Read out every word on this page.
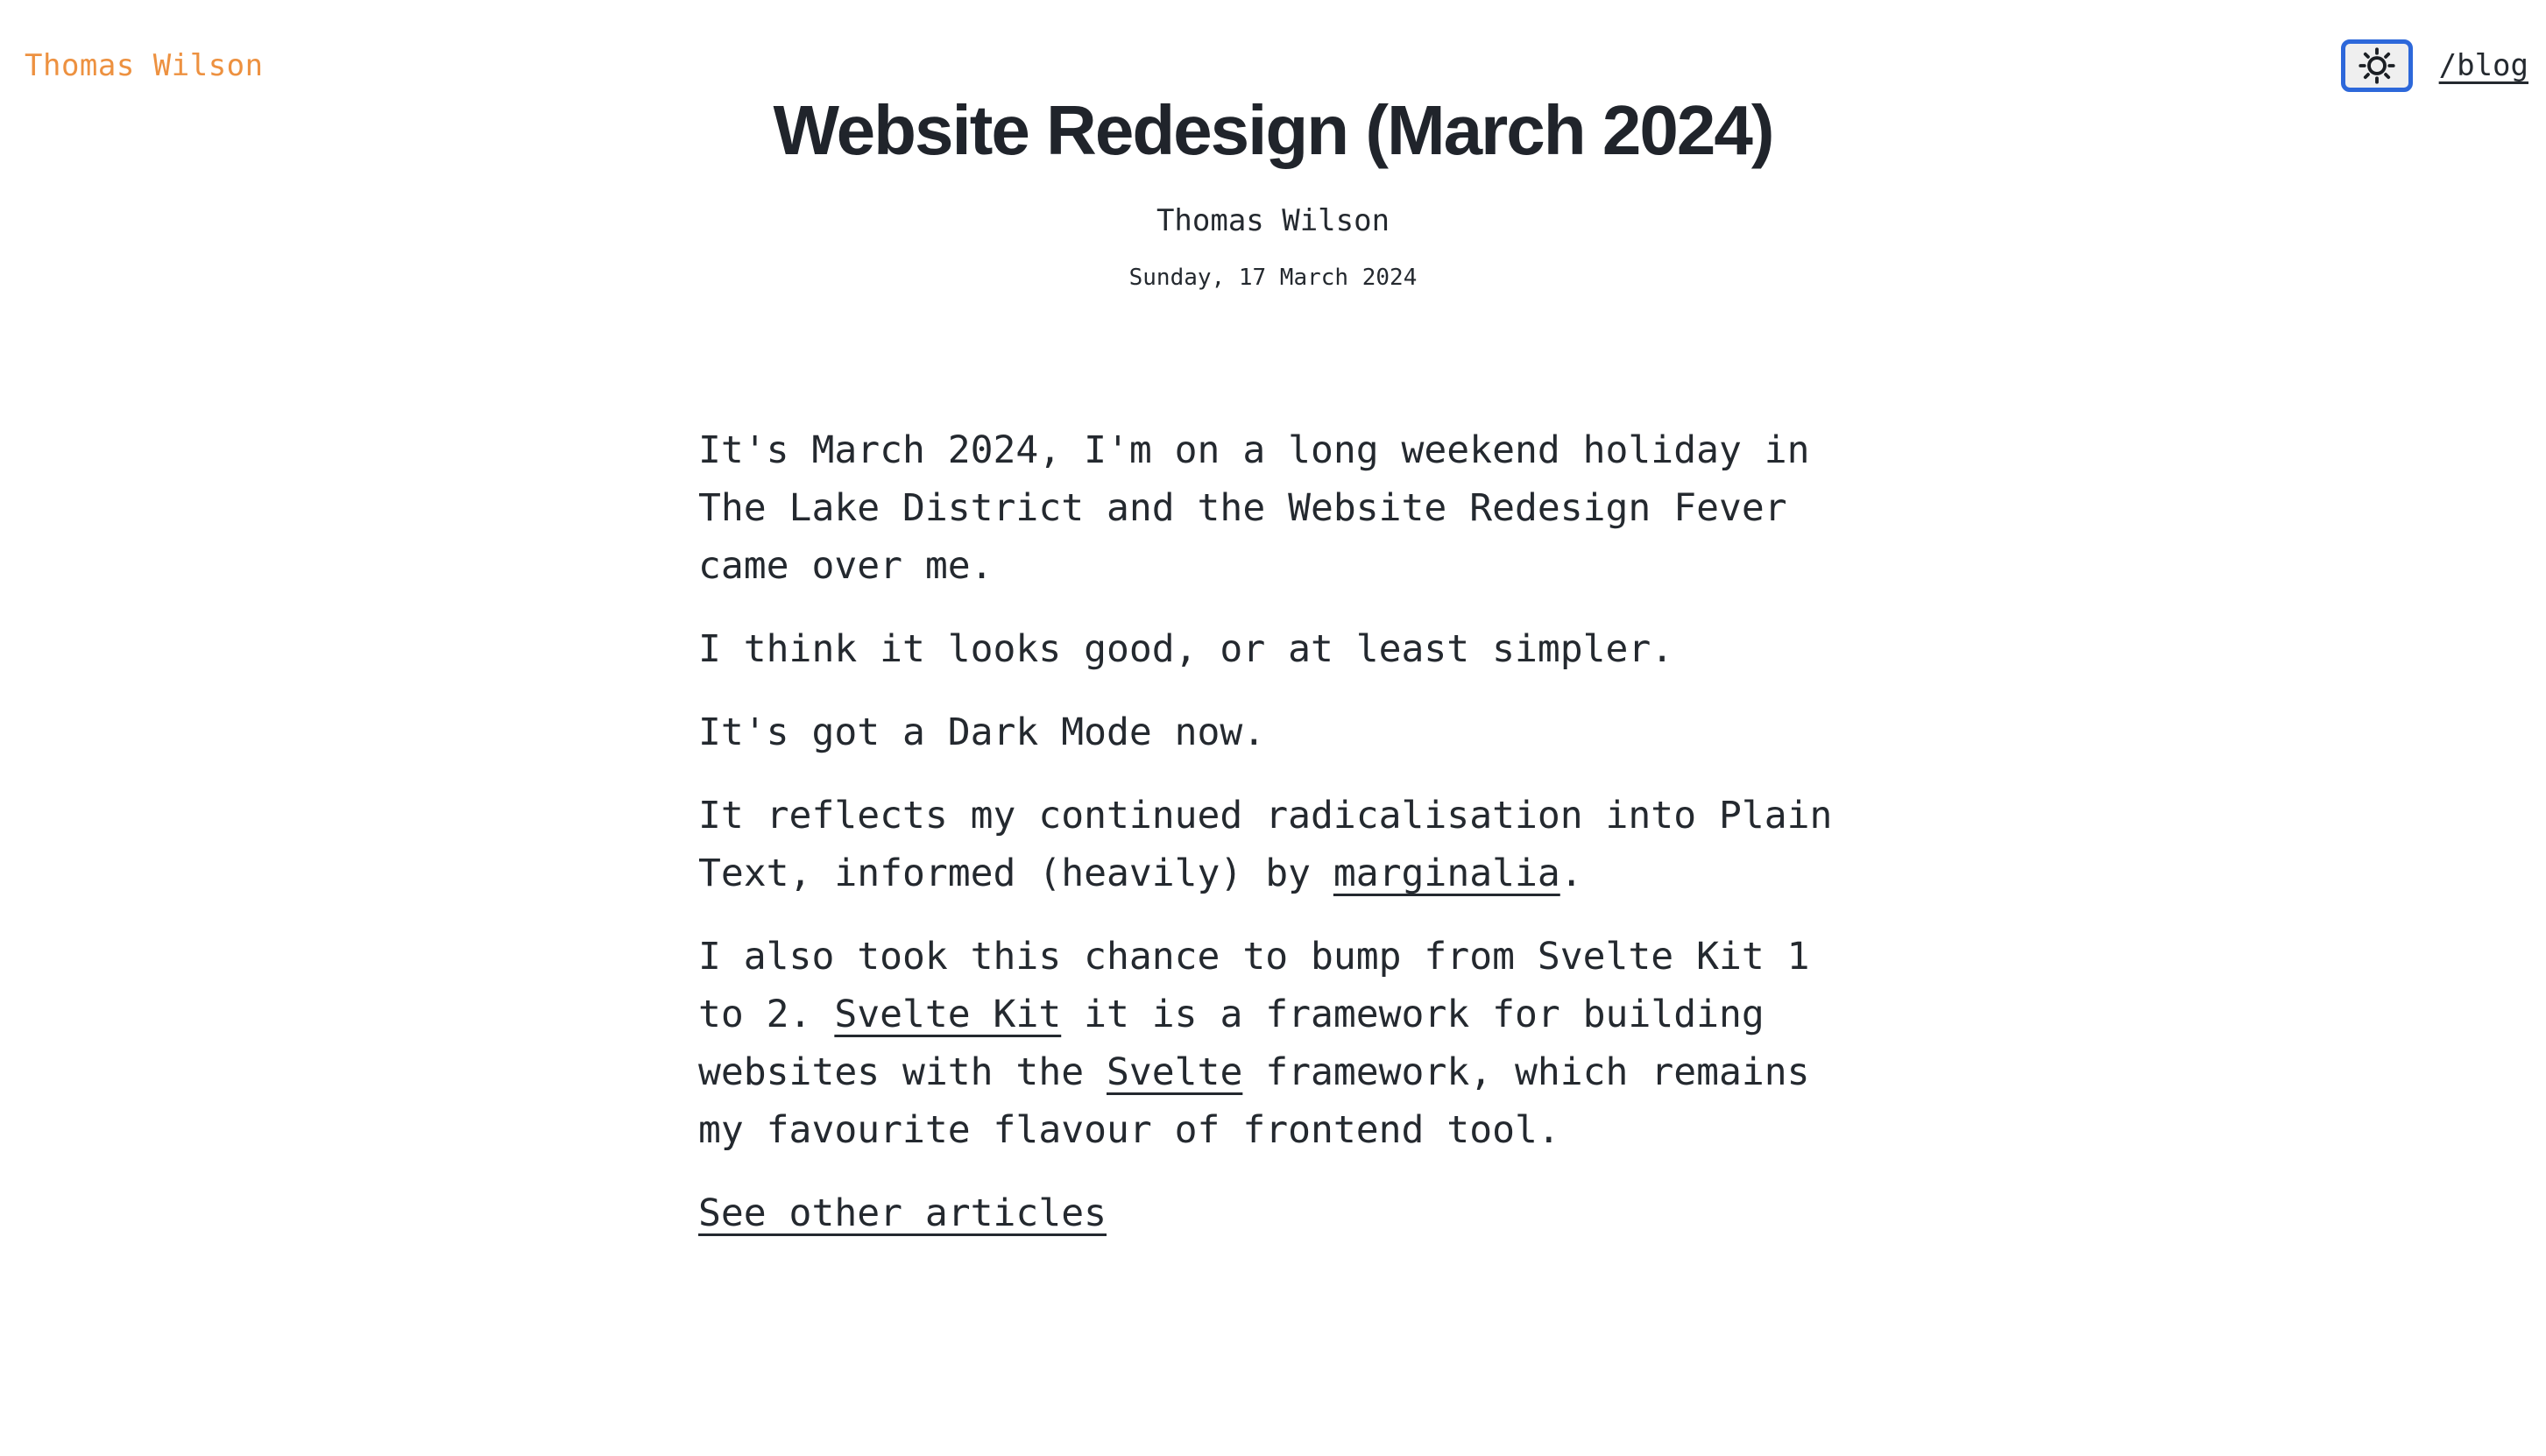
Thomas Wilson	/blog
Website Redesign (March 2024)
Thomas Wilson
Sunday, 17 March 2024

It's March 2024, I'm on a long weekend holiday in The Lake District and the Website Redesign Fever came over me.

I think it looks good, or at least simpler.

It's got a Dark Mode now.

It reflects my continued radicalisation into Plain Text, informed (heavily) by marginalia.

I also took this chance to bump from Svelte Kit 1 to 2. Svelte Kit it is a framework for building websites with the Svelte framework, which remains my favourite flavour of frontend tool.

See other articles
